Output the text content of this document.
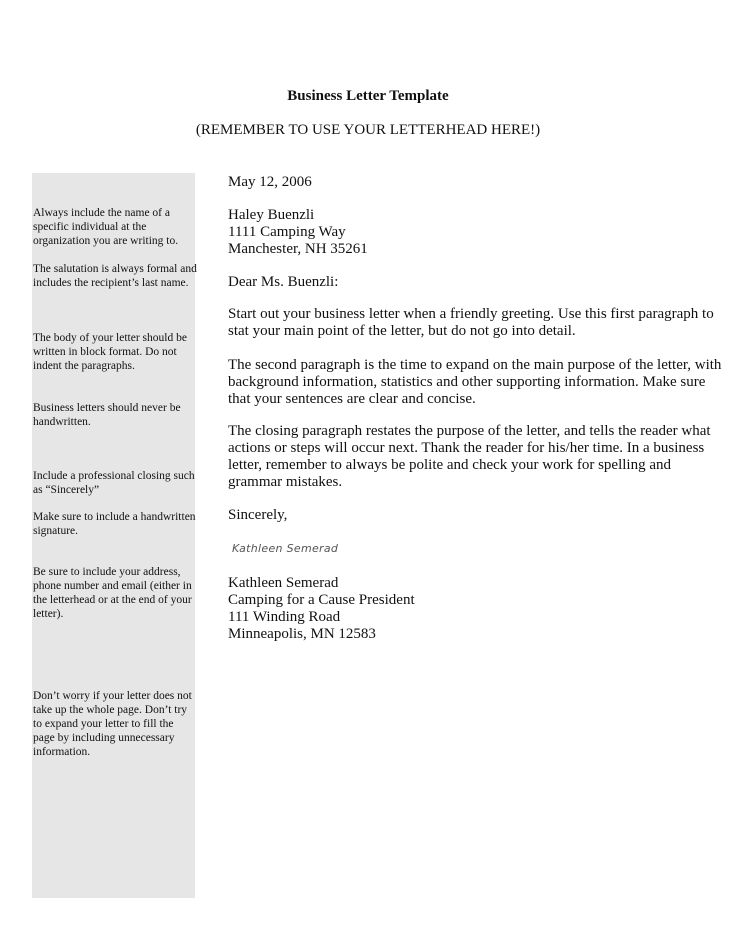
Business Letter Template
(REMEMBER TO USE YOUR LETTERHEAD HERE!)

Always include the name of a specific individual at the organization you are writing to.

The salutation is always formal and includes the recipient’s last name.

The body of your letter should be written in block format. Do not indent the paragraphs.

Business letters should never be handwritten.

Include a professional closing such as “Sincerely”

Make sure to include a handwritten signature.

Be sure to include your address, phone number and email (either in the letterhead or at the end of your letter).

Don’t worry if your letter does not take up the whole page. Don’t try to expand your letter to fill the page by including unnecessary information.

May 12, 2006

Haley Buenzli
1111 Camping Way
Manchester, NH 35261

Dear Ms. Buenzli:

Start out your business letter when a friendly greeting. Use this first paragraph to
stat your main point of the letter, but do not go into detail.
The second paragraph is the time to expand on the main purpose of the letter, with
background information, statistics and other supporting information. Make sure
that your sentences are clear and concise.
The closing paragraph restates the purpose of the letter, and tells the reader what
actions or steps will occur next. Thank the reader for his/her time. In a business
letter, remember to always be polite and check your work for spelling and
grammar mistakes.

Sincerely,

Kathleen Semerad
Kathleen Semerad
Camping for a Cause President
111 Winding Road
Minneapolis, MN 12583
